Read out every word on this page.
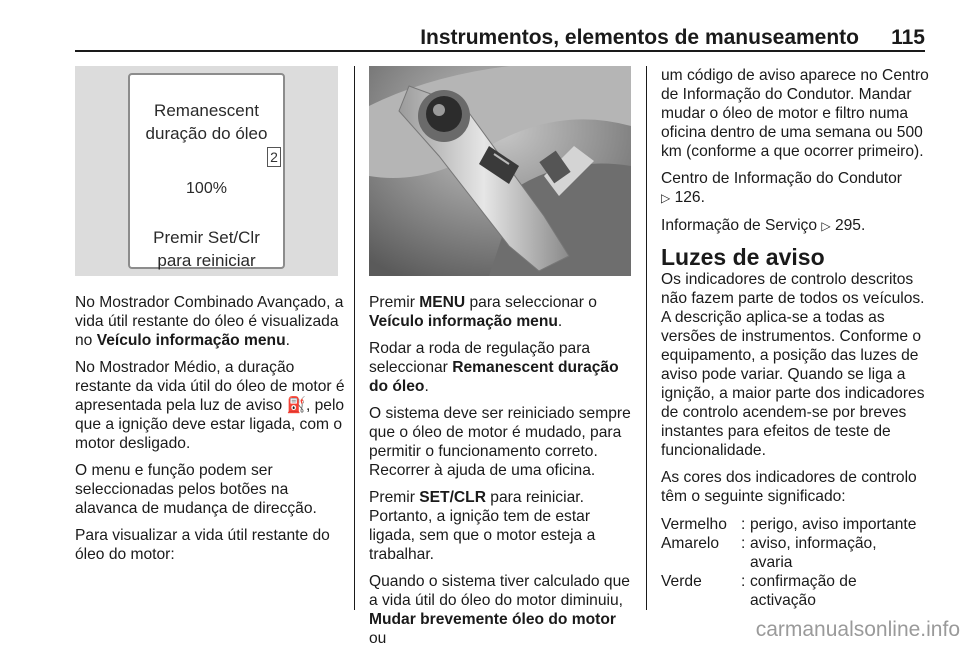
Instrumentos, elementos de manuseamento 115
Remanescent
duração do óleo
2
100%
Premir Set/Clr
para reiniciar

No Mostrador Combinado Avançado, a vida útil restante do óleo é visualizada no Veículo informação menu.

No Mostrador Médio, a duração restante da vida útil do óleo de motor é apresentada pela luz de aviso ⛽, pelo que a ignição deve estar ligada, com o motor desligado.

O menu e função podem ser seleccionadas pelos botões na alavanca de mudança de direcção.

Para visualizar a vida útil restante do óleo do motor:

Premir MENU para seleccionar o Veículo informação menu.

Rodar a roda de regulação para seleccionar Remanescent duração do óleo.

O sistema deve ser reiniciado sempre que o óleo de motor é mudado, para permitir o funcionamento correto. Recorrer à ajuda de uma oficina.

Premir SET/CLR para reiniciar. Portanto, a ignição tem de estar ligada, sem que o motor esteja a trabalhar.

Quando o sistema tiver calculado que a vida útil do óleo do motor diminuiu, Mudar brevemente óleo do motor ou

um código de aviso aparece no Centro de Informação do Condutor. Mandar mudar o óleo de motor e filtro numa oficina dentro de uma semana ou 500 km (conforme a que ocorrer primeiro).

Centro de Informação do Condutor
▷ 126.

Informação de Serviço ▷ 295.

Luzes de aviso

Os indicadores de controlo descritos não fazem parte de todos os veículos. A descrição aplica-se a todas as versões de instrumentos. Conforme o equipamento, a posição das luzes de aviso pode variar. Quando se liga a ignição, a maior parte dos indicadores de controlo acendem-se por breves instantes para efeitos de teste de funcionalidade.

As cores dos indicadores de controlo têm o seguinte significado:

Vermelho : perigo, aviso importante
Amarelo : aviso, informação, avaria
Verde	: confirmação de activação
carmanualsonline.info
